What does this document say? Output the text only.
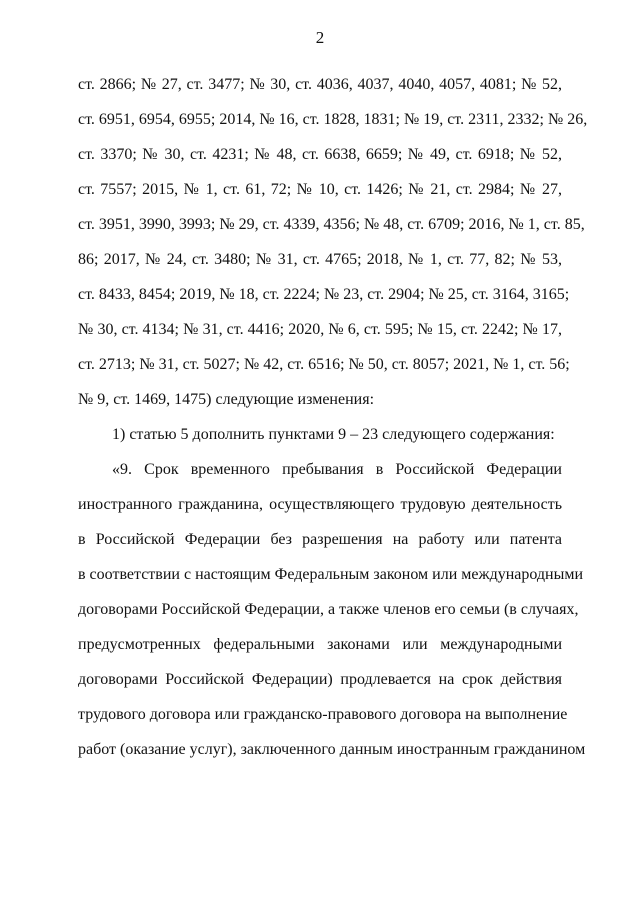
2
ст. 2866; № 27, ст. 3477; № 30, ст. 4036, 4037, 4040, 4057, 4081; № 52,
ст. 6951, 6954, 6955; 2014, № 16, ст. 1828, 1831; № 19, ст. 2311, 2332; № 26,
ст. 3370; № 30, ст. 4231; № 48, ст. 6638, 6659; № 49, ст. 6918; № 52,
ст. 7557; 2015, № 1, ст. 61, 72; № 10, ст. 1426; № 21, ст. 2984; № 27,
ст. 3951, 3990, 3993; № 29, ст. 4339, 4356; № 48, ст. 6709; 2016, № 1, ст. 85,
86; 2017, № 24, ст. 3480; № 31, ст. 4765; 2018, № 1, ст. 77, 82; № 53,
ст. 8433, 8454; 2019, № 18, ст. 2224; № 23, ст. 2904; № 25, ст. 3164, 3165;
№ 30, ст. 4134; № 31, ст. 4416; 2020, № 6, ст. 595; № 15, ст. 2242; № 17,
ст. 2713; № 31, ст. 5027; № 42, ст. 6516; № 50, ст. 8057; 2021, № 1, ст. 56;
№ 9, ст. 1469, 1475) следующие изменения:
1) статью 5 дополнить пунктами 9 – 23 следующего содержания:
«9. Срок временного пребывания в Российской Федерации
иностранного гражданина, осуществляющего трудовую деятельность
в Российской Федерации без разрешения на работу или патента
в соответствии с настоящим Федеральным законом или международными
договорами Российской Федерации, а также членов его семьи (в случаях,
предусмотренных федеральными законами или международными
договорами Российской Федерации) продлевается на срок действия
трудового договора или гражданско-правового договора на выполнение
работ (оказание услуг), заключенного данным иностранным гражданином
